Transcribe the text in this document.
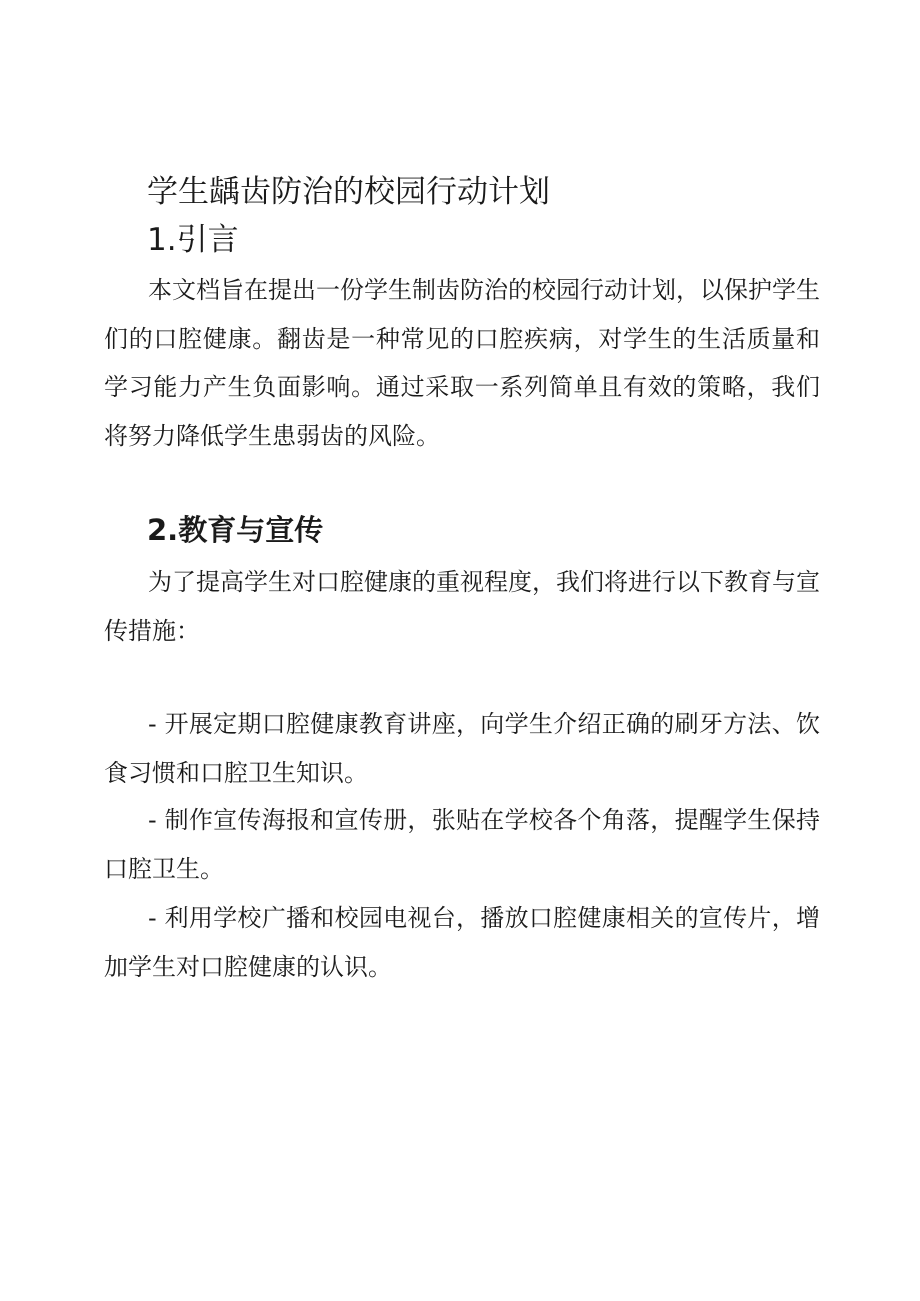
学生龋齿防治的校园行动计划
1.引言

本文档旨在提出一份学生制齿防治的校园行动计划，以保护学生们的口腔健康。翻齿是一种常见的口腔疾病，对学生的生活质量和学习能力产生负面影响。通过采取一系列简单且有效的策略，我们将努力降低学生患弱齿的风险。

2.教育与宣传

为了提高学生对口腔健康的重视程度，我们将进行以下教育与宣传措施：

- 开展定期口腔健康教育讲座，向学生介绍正确的刷牙方法、饮食习惯和口腔卫生知识。

- 制作宣传海报和宣传册，张贴在学校各个角落，提醒学生保持口腔卫生。

- 利用学校广播和校园电视台，播放口腔健康相关的宣传片，增加学生对口腔健康的认识。
